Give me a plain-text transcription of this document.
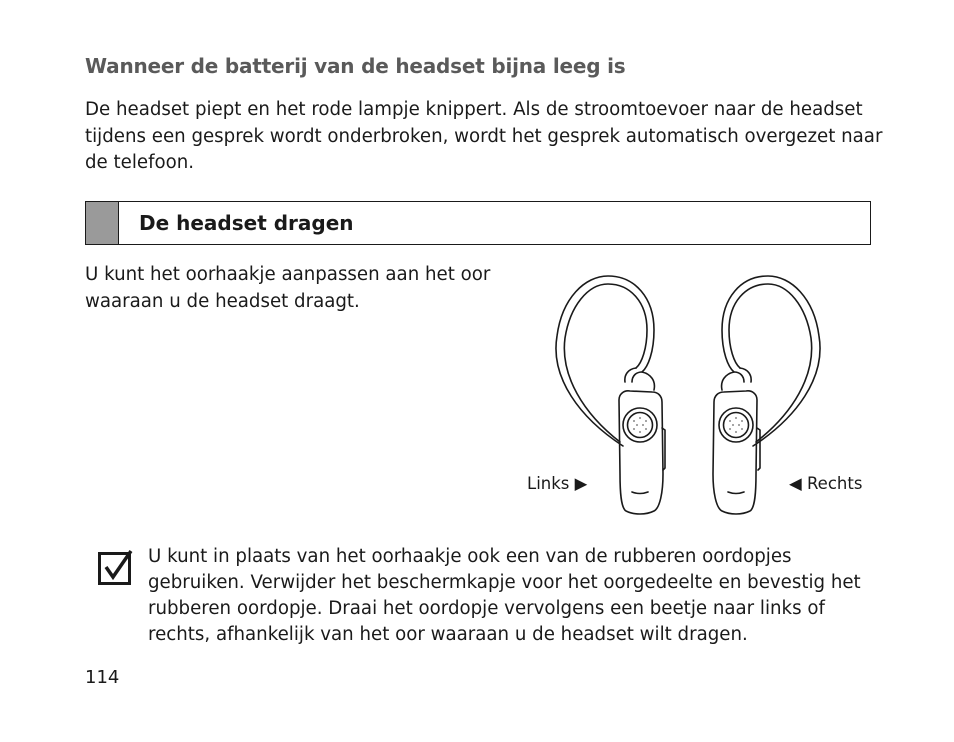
Wanneer de batterij van de headset bijna leeg is
De headset piept en het rode lampje knippert. Als de stroomtoevoer naar de headset tijdens een gesprek wordt onderbroken, wordt het gesprek automatisch overgezet naar de telefoon.
De headset dragen
U kunt het oorhaakje aanpassen aan het oor waaraan u de headset draagt.
Links ▶	◀ Rechts
U kunt in plaats van het oorhaakje ook een van de rubberen oordopjes gebruiken. Verwijder het beschermkapje voor het oorgedeelte en bevestig het rubberen oordopje. Draai het oordopje vervolgens een beetje naar links of rechts, afhankelijk van het oor waaraan u de headset wilt dragen.
114
